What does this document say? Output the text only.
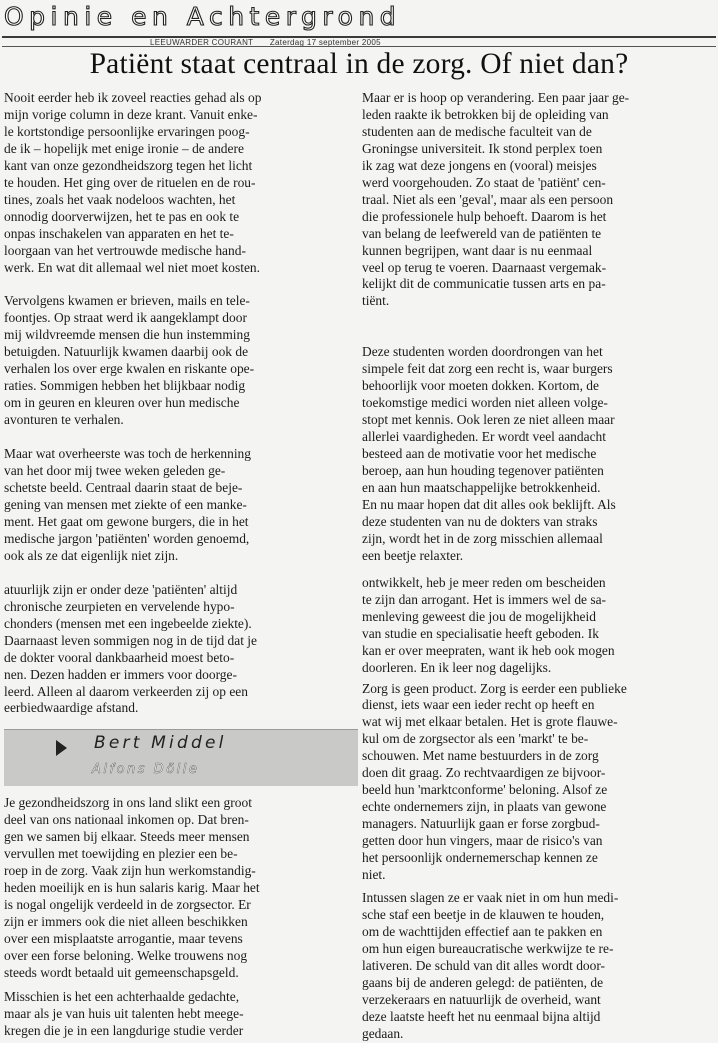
Opinie en Achtergrond
LEEUWARDER COURANT Zaterdag 17 september 2005
Patiënt staat centraal in de zorg. Of niet dan?

Nooit eerder heb ik zoveel reacties gehad als op
mijn vorige column in deze krant. Vanuit enke-
le kortstondige persoonlijke ervaringen poog-
de ik – hopelijk met enige ironie – de andere
kant van onze gezondheidszorg tegen het licht
te houden. Het ging over de rituelen en de rou-
tines, zoals het vaak nodeloos wachten, het
onnodig doorverwijzen, het te pas en ook te
onpas inschakelen van apparaten en het te-
loorgaan van het vertrouwde medische hand-
werk. En wat dit allemaal wel niet moet kosten.

Vervolgens kwamen er brieven, mails en tele-
foontjes. Op straat werd ik aangeklampt door
mij wildvreemde mensen die hun instemming
betuigden. Natuurlijk kwamen daarbij ook de
verhalen los over erge kwalen en riskante ope-
raties. Sommigen hebben het blijkbaar nodig
om in geuren en kleuren over hun medische
avonturen te verhalen.

Maar wat overheerste was toch de herkenning
van het door mij twee weken geleden ge-
schetste beeld. Centraal daarin staat de beje-
gening van mensen met ziekte of een manke-
ment. Het gaat om gewone burgers, die in het
medische jargon 'patiënten' worden genoemd,
ook als ze dat eigenlijk niet zijn.

atuurlijk zijn er onder deze 'patiënten' altijd
chronische zeurpieten en vervelende hypo-
chonders (mensen met een ingebeelde ziekte).
Daarnaast leven sommigen nog in de tijd dat je
de dokter vooral dankbaarheid moest beto-
nen. Dezen hadden er immers voor doorge-
leerd. Alleen al daarom verkeerden zij op een
eerbiedwaardige afstand.

Bert Middel
Alfons Dölle

Je gezondheidszorg in ons land slikt een groot
deel van ons nationaal inkomen op. Dat bren-
gen we samen bij elkaar. Steeds meer mensen
vervullen met toewijding en plezier een be-
roep in de zorg. Vaak zijn hun werkomstandig-
heden moeilijk en is hun salaris karig. Maar het
is nogal ongelijk verdeeld in de zorgsector. Er
zijn er immers ook die niet alleen beschikken
over een misplaatste arrogantie, maar tevens
over een forse beloning. Welke trouwens nog
steeds wordt betaald uit gemeenschapsgeld.

Misschien is het een achterhaalde gedachte,
maar als je van huis uit talenten hebt meege-
kregen die je in een langdurige studie verder

Maar er is hoop op verandering. Een paar jaar ge-
leden raakte ik betrokken bij de opleiding van
studenten aan de medische faculteit van de
Groningse universiteit. Ik stond perplex toen
ik zag wat deze jongens en (vooral) meisjes
werd voorgehouden. Zo staat de 'patiënt' cen-
traal. Niet als een 'geval', maar als een persoon
die professionele hulp behoeft. Daarom is het
van belang de leefwereld van de patiënten te
kunnen begrijpen, want daar is nu eenmaal
veel op terug te voeren. Daarnaast vergemak-
kelijkt dit de communicatie tussen arts en pa-
tiënt.

Deze studenten worden doordrongen van het
simpele feit dat zorg een recht is, waar burgers
behoorlijk voor moeten dokken. Kortom, de
toekomstige medici worden niet alleen volge-
stopt met kennis. Ook leren ze niet alleen maar
allerlei vaardigheden. Er wordt veel aandacht
besteed aan de motivatie voor het medische
beroep, aan hun houding tegenover patiënten
en aan hun maatschappelijke betrokkenheid.
En nu maar hopen dat dit alles ook beklijft. Als
deze studenten van nu de dokters van straks
zijn, wordt het in de zorg misschien allemaal
een beetje relaxter.

ontwikkelt, heb je meer reden om bescheiden
te zijn dan arrogant. Het is immers wel de sa-
menleving geweest die jou de mogelijkheid
van studie en specialisatie heeft geboden. Ik
kan er over meepraten, want ik heb ook mogen
doorleren. En ik leer nog dagelijks.

Zorg is geen product. Zorg is eerder een publieke
dienst, iets waar een ieder recht op heeft en
wat wij met elkaar betalen. Het is grote flauwe-
kul om de zorgsector als een 'markt' te be-
schouwen. Met name bestuurders in de zorg
doen dit graag. Zo rechtvaardigen ze bijvoor-
beeld hun 'marktconforme' beloning. Alsof ze
echte ondernemers zijn, in plaats van gewone
managers. Natuurlijk gaan er forse zorgbud-
getten door hun vingers, maar de risico's van
het persoonlijk ondernemerschap kennen ze
niet.

Intussen slagen ze er vaak niet in om hun medi-
sche staf een beetje in de klauwen te houden,
om de wachttijden effectief aan te pakken en
om hun eigen bureaucratische werkwijze te re-
lativeren. De schuld van dit alles wordt door-
gaans bij de anderen gelegd: de patiënten, de
verzekeraars en natuurlijk de overheid, want
deze laatste heeft het nu eenmaal bijna altijd
gedaan.
